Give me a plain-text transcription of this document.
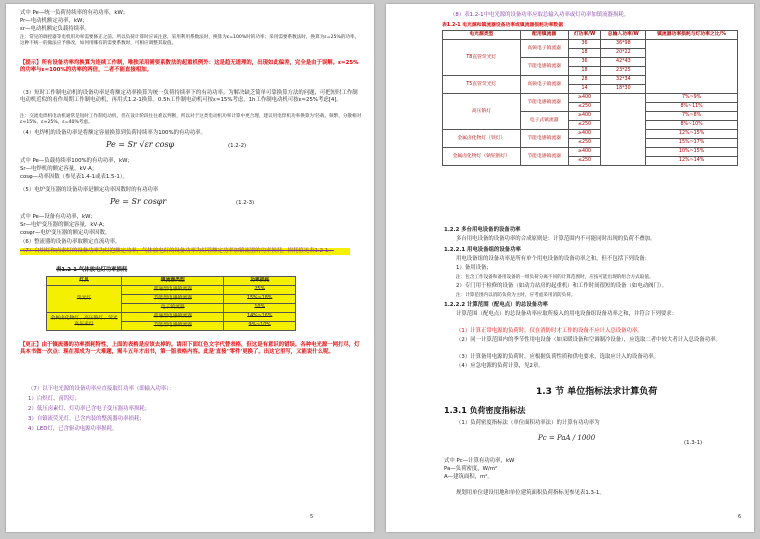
式中 Pe—统一负荷持续率的有功功率，kW；
Pr—电动机额定功率，kW；
εr—电动机额定负载持续率。
注：常见的调控器等电机用功率需要修正之前。所以负荷计算时应该注意，采用利用系数法时，换算为ε=100%时的功率；采用需要系数法时，换算为ε=25%的功率，这种不统一的做法应予修改，如何用哪有的需要系数时，可相应调整其取值。
【提示】所有设备功率均换算为连续工作制，唯独采用需要系数法的起重机例外：这是趋无道理的，出现如此偏差，完全是由于误解。ε=25%的功率与ε=100%的功率的两倍，二者不能直接相加。
（3）短时工作制电动机的设备功率是将额定功率换算为统一负荷持续率下的有功功率。为解决缺乏简单可靠换算方法的问题，可把短时工作制电动机近似的看作周期工作制电动机，再用式1.2-1换算。0.5h工作制电动机可按ε≈15%考虑，1h工作制电动机可按ε≈25%考虑[4]。
注：交流电焊机电动机通常是短时工作制电动机，但在设计阶段往往难以判断，所以对于这类电动机功率计算中更合理，建议用电焊机功率换算为'轻载、频繁、分散相对ε≈15%，ε≈25%，ε=40%考虑。
（4）电焊机的设备功率是将额定容量换算到负荷持续率为100%的有功功率。
Pe = Sr √εr cosφ	(1.2-2)
式中 Pe—负载持续率100%的有功功率，kW；
Sr—电焊机的额定容量，kV·A；
cosφ—功率因数（参见表1.4-1或表1.5-1）。
（5）电炉变压器的设备功率是额定功率因数时的有功功率
Pe = Sr cosφr	(1.2-3)
式中 Pe—设备有功功率，kW；
Sr—电炉变压器的额定容量，kV·A；
cosφr—电炉变压器的额定功率因数。
（6）整流器的设备功率取额定直流功率。
（7）白炽灯和卤素灯的设备功率为灯泡额定功率，气体放电灯的设备功率为灯管额定功率加镇流器的功率损耗，损耗值见表1.2-1。
表1.2-1 气体放电灯功率损耗
灯具	镇流器类型	功率损耗
荧光灯	普通型电感镇流器	25%
	节能型电感镇流器	15%~18%
	电子镇流器	10%
金属卤化物灯、高压钠灯、荧光高压汞灯	普通型电感镇流器	14%~16%
	节能型电感镇流器	9%~10%
【更正】由于镇流器的功率损耗特性，上面的表格是应该去掉的。请用下面红色文字代替表格，但这是有意识的错误。各种电光源一网打尽，灯具本书做一次点：现在那成为一大难题，需斗五年才出书，第一版表格内容。此是'直接''零件'更换了。出这它里写，又能说什么呢。
（7）以下电光源的设备功率应直接取灯功率（即输入功率）：
1）白炽灯、卤钨灯；
2）低压卤素灯、灯功率已含电子变压器功率损耗；
3）自镇流荧光灯，已含内装的整流器功率损耗；
4）LED灯，已含驱动电源功率损耗。
5
（8）表1.2-1中电光源的设备功率应取总输入功率或灯功率加镇流器损耗。
表1.2-1 电光源和镇流器设备功率或镇流器损耗功率数据
电光源类型	配用镇流器	灯功率/W	总输入功率/W	镇流器功率损耗与灯功率之比/%
T8直管荧光灯	高频电子镇流器	36	36*98	
		18	20*22	
	节能电感镇流器	36	42*43	
		18	23*25	
T5直管荧光灯	高频电子镇流器	28	32*34	
		14	18*30	
高压钠灯	节能电感镇流器	≥400		7%~9%
		≤250		8%~11%
	电子式镇流器	≥400		7%~8%
		≤250		8%~10%
金属卤化物灯（铁灯）	节能电感镇流器	≥400		12%~15%
		≤250		15%~17%
金属卤化物灯（钠铊铟灯）	节能电感镇流器	≥400		10%~15%
		≤250		12%~14%
1.2.2 多台用电设备的设备功率
多台用电设备的设备功率的合成原则是：计算范围内不可能同时出现的负荷不叠加。
1.2.2.1 用电设备组的设备功率
用电设备组的设备功率是所有单个用电设备的设备功率之和，但不包括下列设备：
1）备用设备；
注：包含工作设备和备用设备的一组负荷分离不同的计算范围时，应按可能出现的组合方式取值。
2）专门用于检修的设备（如动力站房的起重机）和工作时间很短的设备（如电动阀门）。
注：计算范围内以消防负荷为主时，应考虑采用消防负荷。
1.2.2.2 计算范围（配电点）的总设备功率
计算范围（配电点）的总设备功率应取所接入的用电设备组设备功率之和，并符合下列要求：
（1）计算正常电源的负荷时，仅在消防时才工作的设备不应计入总设备功率。
（2）同一计算范围内的季节性用电设备（如采暖设备和空调制冷设备），应选取二者中较大者计入总设备功率。
（3）计算备用电源的负荷时，应根据负荷性质和供电要求，选取应计入的设备功率。
（4）应急电源的负荷计算，见2章。
1.3 节 单位指标法求计算负荷
1.3.1 负荷密度指标法
（1）负荷密度指标法（单位面积功率法）的计算有功功率为
Pc = PaA / 1000
(1.3-1)
式中 Pc—计算有功功率，kW
Pa—负荷密度，W/m²
A—建筑面积，m²。
规划用单位建设用地和单位建筑面积负荷指标见参见表1.3-1。
6
